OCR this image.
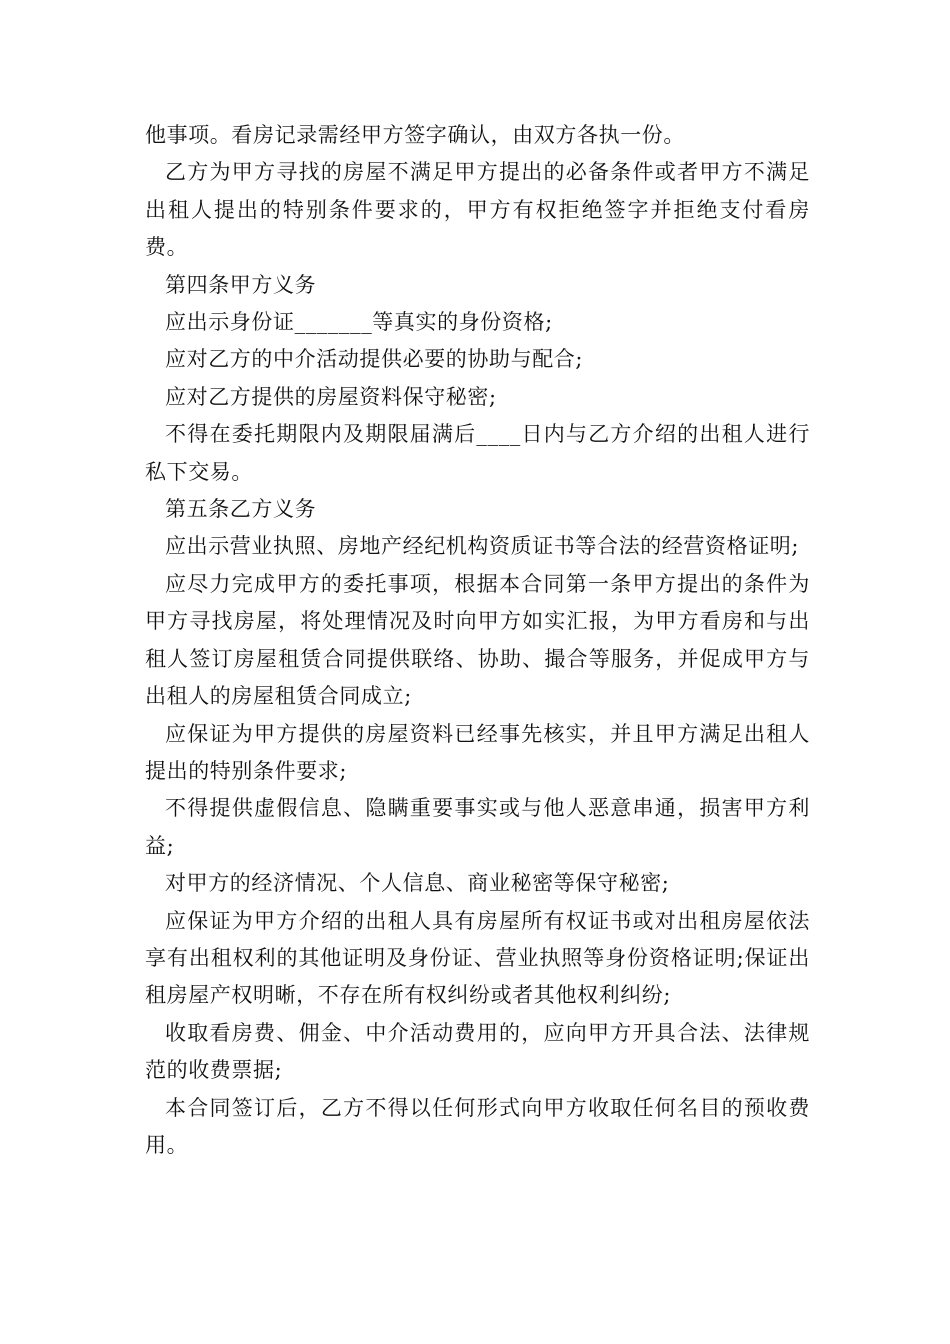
他事项。看房记录需经甲方签字确认，由双方各执一份。

乙方为甲方寻找的房屋不满足甲方提出的必备条件或者甲方不满足出租人提出的特别条件要求的，甲方有权拒绝签字并拒绝支付看房费。

第四条甲方义务

应出示身份证_______等真实的身份资格;

应对乙方的中介活动提供必要的协助与配合;

应对乙方提供的房屋资料保守秘密;

不得在委托期限内及期限届满后____日内与乙方介绍的出租人进行私下交易。

第五条乙方义务

应出示营业执照、房地产经纪机构资质证书等合法的经营资格证明;

应尽力完成甲方的委托事项，根据本合同第一条甲方提出的条件为甲方寻找房屋，将处理情况及时向甲方如实汇报，为甲方看房和与出租人签订房屋租赁合同提供联络、协助、撮合等服务，并促成甲方与出租人的房屋租赁合同成立;

应保证为甲方提供的房屋资料已经事先核实，并且甲方满足出租人提出的特别条件要求;

不得提供虚假信息、隐瞒重要事实或与他人恶意串通，损害甲方利益;

对甲方的经济情况、个人信息、商业秘密等保守秘密;

应保证为甲方介绍的出租人具有房屋所有权证书或对出租房屋依法享有出租权利的其他证明及身份证、营业执照等身份资格证明;保证出租房屋产权明晰，不存在所有权纠纷或者其他权利纠纷;

收取看房费、佣金、中介活动费用的，应向甲方开具合法、法律规范的收费票据;

本合同签订后，乙方不得以任何形式向甲方收取任何名目的预收费用。
